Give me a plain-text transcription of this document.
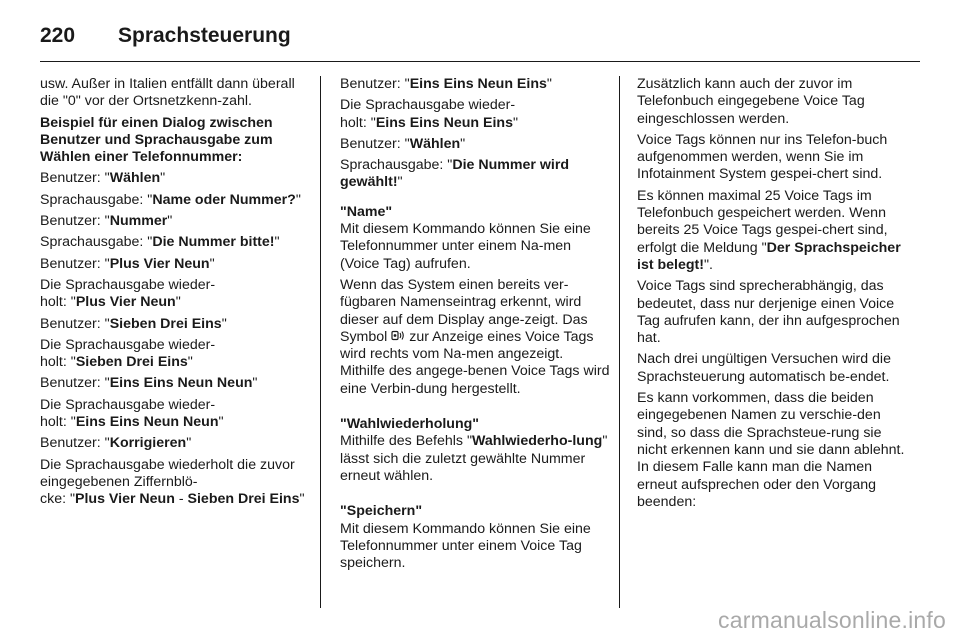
220	Sprachsteuerung

usw. Außer in Italien entfällt dann überall die "0" vor der Ortsnetzkenn-zahl.

Beispiel für einen Dialog zwischen Benutzer und Sprachausgabe zum Wählen einer Telefonnummer:

Benutzer: "Wählen"

Sprachausgabe: "Name oder Nummer?"

Benutzer: "Nummer"

Sprachausgabe: "Die Nummer bitte!"

Benutzer: "Plus Vier Neun"

Die Sprachausgabe wieder-
holt: "Plus Vier Neun"

Benutzer: "Sieben Drei Eins"

Die Sprachausgabe wieder-
holt: "Sieben Drei Eins"

Benutzer: "Eins Eins Neun Neun"

Die Sprachausgabe wieder-
holt: "Eins Eins Neun Neun"

Benutzer: "Korrigieren"

Die Sprachausgabe wiederholt die zuvor eingegebenen Ziffernblö-
cke: "Plus Vier Neun - Sieben Drei Eins"

Benutzer: "Eins Eins Neun Eins"

Die Sprachausgabe wieder-
holt: "Eins Eins Neun Eins"

Benutzer: "Wählen"

Sprachausgabe: "Die Nummer wird gewählt!"

"Name"

Mit diesem Kommando können Sie eine Telefonnummer unter einem Na-men (Voice Tag) aufrufen.

Wenn das System einen bereits ver-fügbaren Namenseintrag erkennt, wird dieser auf dem Display ange-zeigt. Das Symbol zur Anzeige eines Voice Tags wird rechts vom Na-men angezeigt. Mithilfe des angege-benen Voice Tags wird eine Verbin-dung hergestellt.

"Wahlwiederholung"

Mithilfe des Befehls "Wahlwiederho-lung" lässt sich die zuletzt gewählte Nummer erneut wählen.

"Speichern"

Mit diesem Kommando können Sie eine Telefonnummer unter einem Voice Tag speichern.

Zusätzlich kann auch der zuvor im Telefonbuch eingegebene Voice Tag eingeschlossen werden.

Voice Tags können nur ins Telefon-buch aufgenommen werden, wenn Sie im Infotainment System gespei-chert sind.

Es können maximal 25 Voice Tags im Telefonbuch gespeichert werden. Wenn bereits 25 Voice Tags gespei-chert sind, erfolgt die Meldung "Der Sprachspeicher ist belegt!".

Voice Tags sind sprecherabhängig, das bedeutet, dass nur derjenige einen Voice Tag aufrufen kann, der ihn aufgesprochen hat.

Nach drei ungültigen Versuchen wird die Sprachsteuerung automatisch be-endet.

Es kann vorkommen, dass die beiden eingegebenen Namen zu verschie-den sind, so dass die Sprachsteue-rung sie nicht erkennen kann und sie dann ablehnt. In diesem Falle kann man die Namen erneut aufsprechen oder den Vorgang beenden:

carmanualsonline.info
